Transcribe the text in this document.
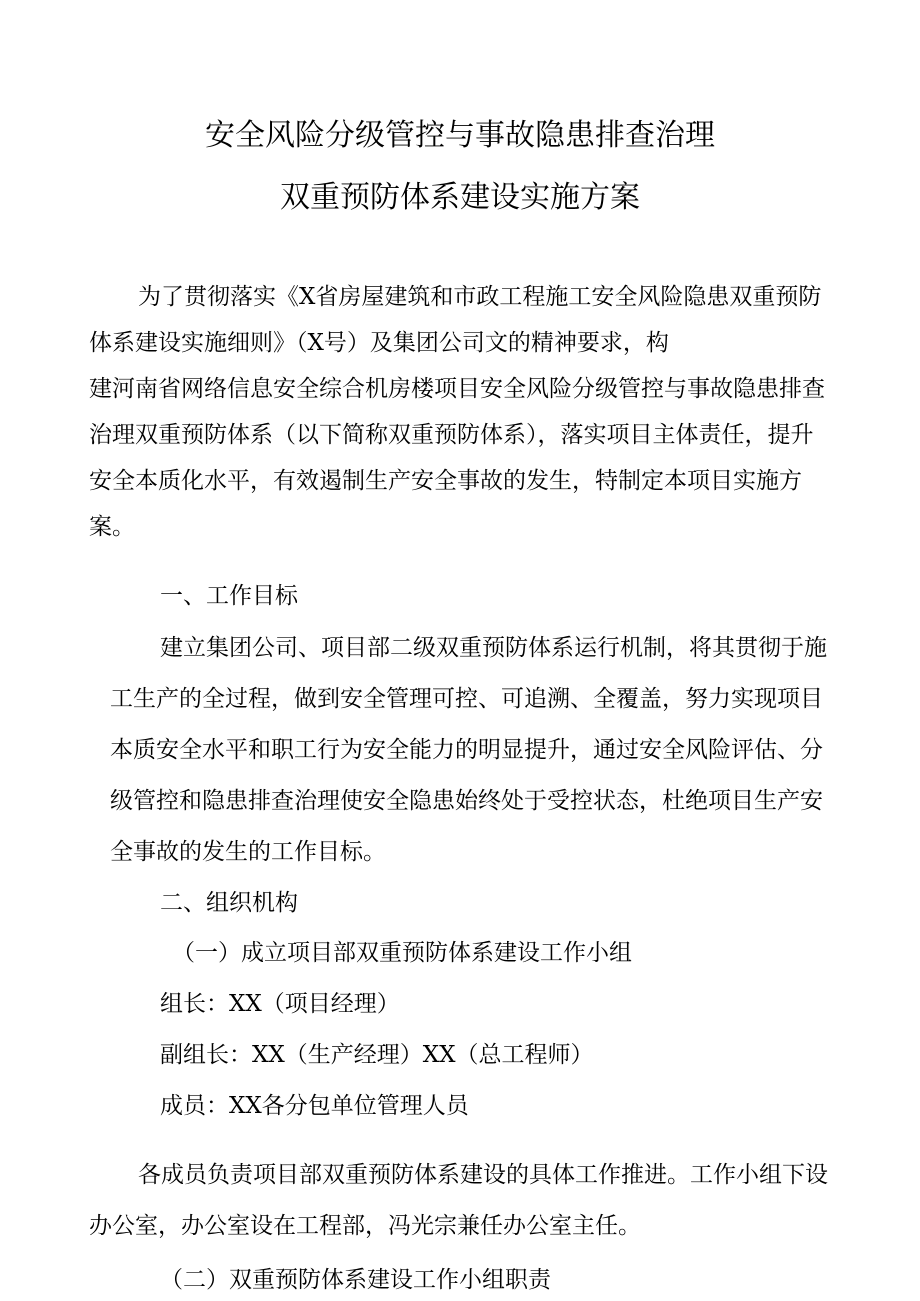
安全风险分级管控与事故隐患排查治理
双重预防体系建设实施方案
为了贯彻落实《X省房屋建筑和市政工程施工安全风险隐患双重预防
体系建设实施细则》（X号）及集团公司文的精神要求，构
建河南省网络信息安全综合机房楼项目安全风险分级管控与事故隐患排查
治理双重预防体系（以下简称双重预防体系），落实项目主体责任，提升
安全本质化水平，有效遏制生产安全事故的发生，特制定本项目实施方
案。
一、工作目标
建立集团公司、项目部二级双重预防体系运行机制，将其贯彻于施
工生产的全过程，做到安全管理可控、可追溯、全覆盖，努力实现项目
本质安全水平和职工行为安全能力的明显提升，通过安全风险评估、分
级管控和隐患排查治理使安全隐患始终处于受控状态，杜绝项目生产安
全事故的发生的工作目标。
二、组织机构
（一）成立项目部双重预防体系建设工作小组
组长：XX（项目经理）
副组长：XX（生产经理）XX（总工程师）
成员：XX各分包单位管理人员
各成员负责项目部双重预防体系建设的具体工作推进。工作小组下设
办公室，办公室设在工程部，冯光宗兼任办公室主任。
（二）双重预防体系建设工作小组职责
